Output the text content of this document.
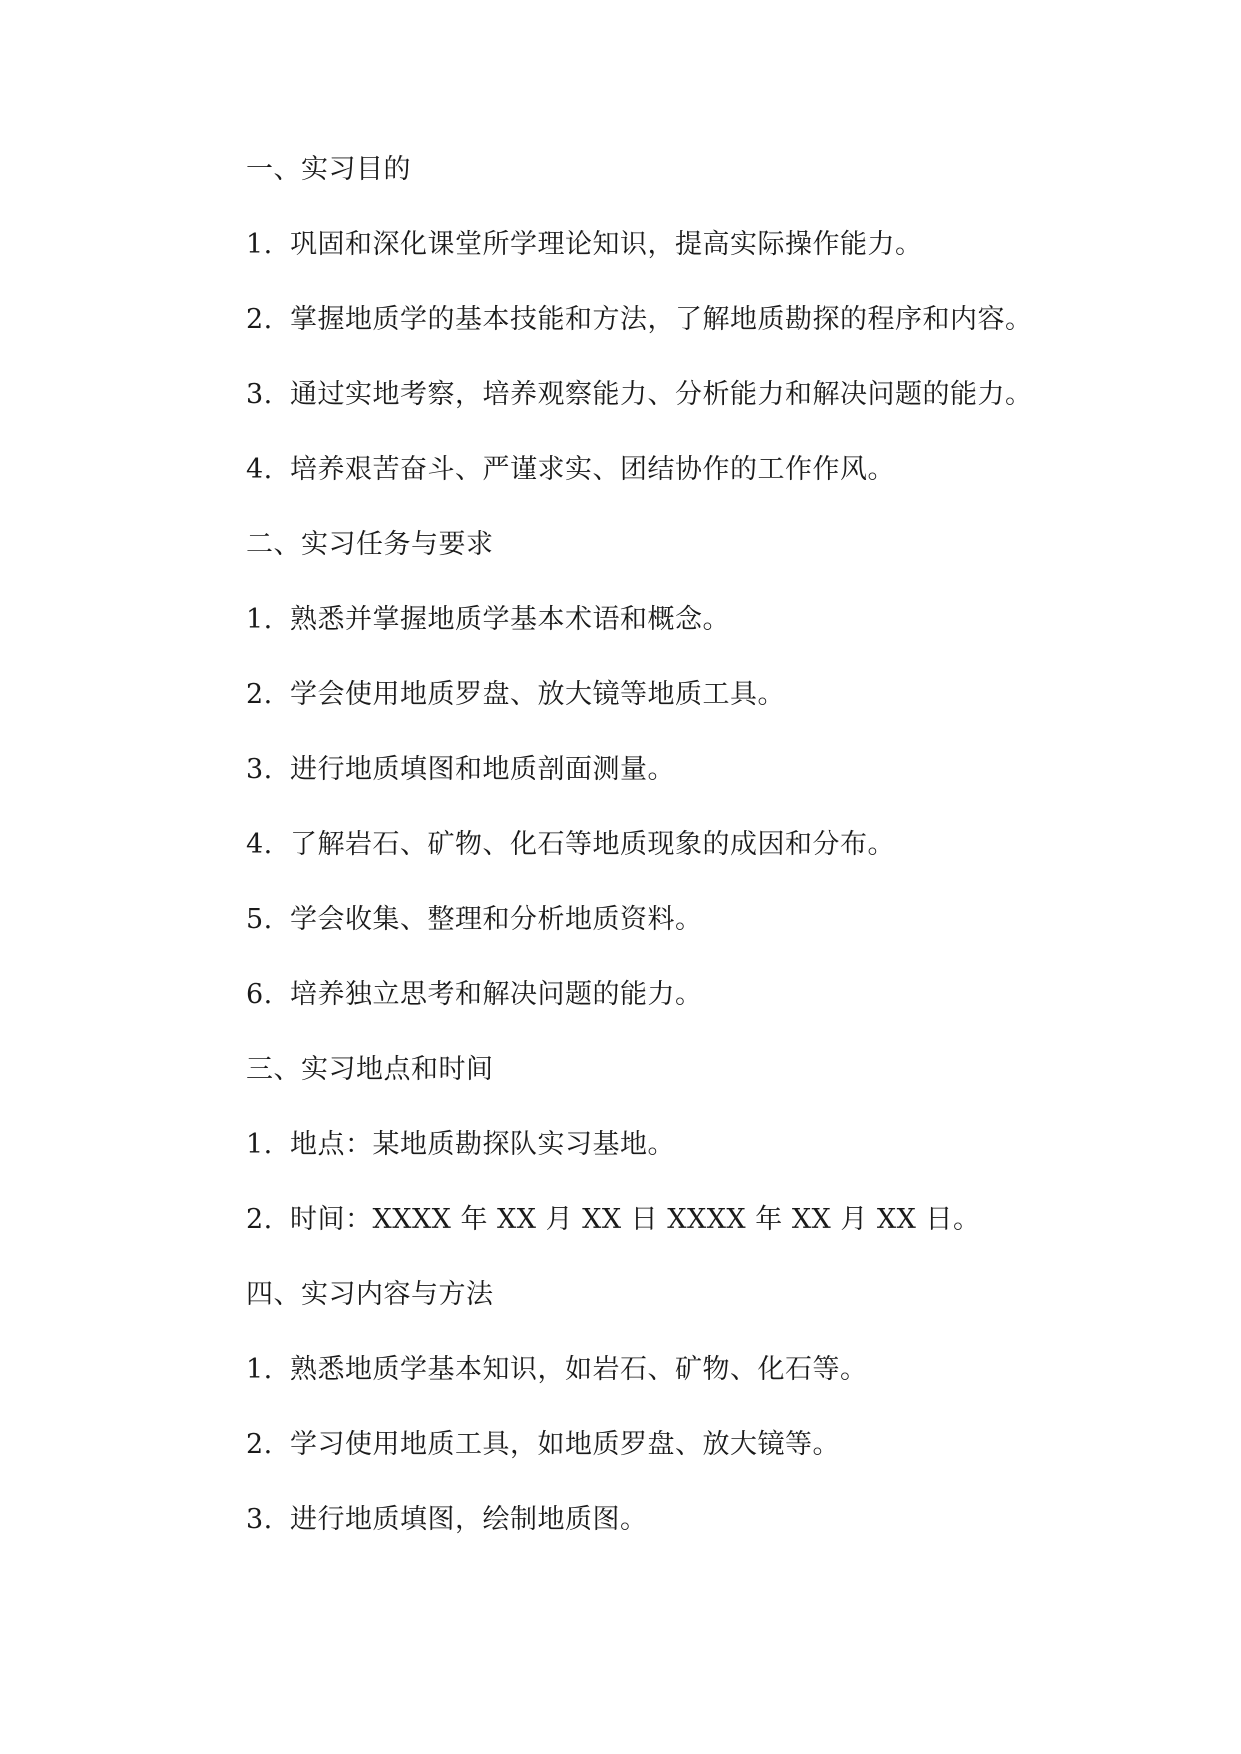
一、实习目的
1. 巩固和深化课堂所学理论知识，提高实际操作能力。
2. 掌握地质学的基本技能和方法，了解地质勘探的程序和内容。
3. 通过实地考察，培养观察能力、分析能力和解决问题的能力。
4. 培养艰苦奋斗、严谨求实、团结协作的工作作风。
二、实习任务与要求
1. 熟悉并掌握地质学基本术语和概念。
2. 学会使用地质罗盘、放大镜等地质工具。
3. 进行地质填图和地质剖面测量。
4. 了解岩石、矿物、化石等地质现象的成因和分布。
5. 学会收集、整理和分析地质资料。
6. 培养独立思考和解决问题的能力。
三、实习地点和时间
1. 地点：某地质勘探队实习基地。
2. 时间：XXXX 年 XX 月 XX 日 XXXX 年 XX 月 XX 日。
四、实习内容与方法
1. 熟悉地质学基本知识，如岩石、矿物、化石等。
2. 学习使用地质工具，如地质罗盘、放大镜等。
3. 进行地质填图，绘制地质图。
